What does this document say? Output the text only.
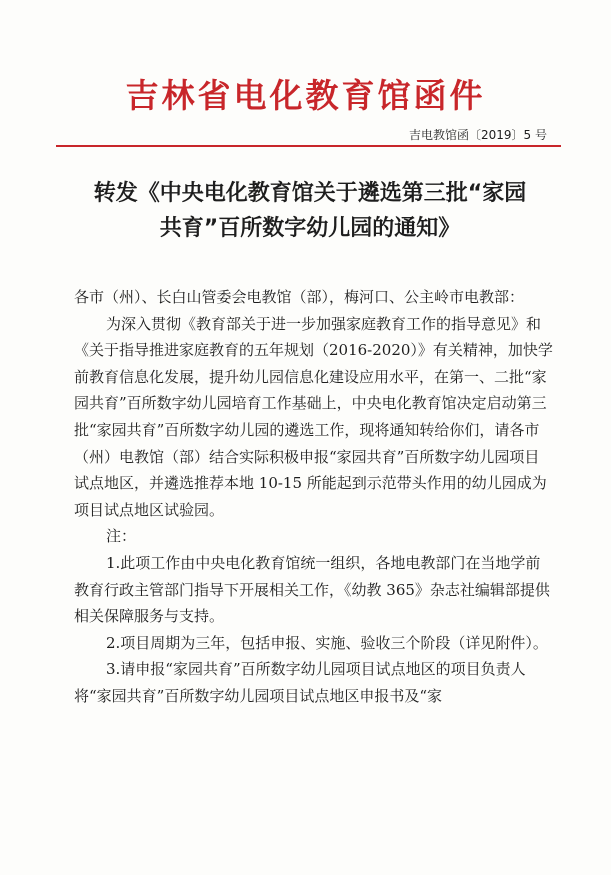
吉林省电化教育馆函件
吉电教馆函〔2019〕5 号
转发《中央电化教育馆关于遴选第三批“家园
共育”百所数字幼儿园的通知》

各市（州）、长白山管委会电教馆（部），梅河口、公主岭市电教部：

为深入贯彻《教育部关于进一步加强家庭教育工作的指导意见》和《关于指导推进家庭教育的五年规划（2016-2020）》有关精神，加快学前教育信息化发展，提升幼儿园信息化建设应用水平，在第一、二批“家园共育”百所数字幼儿园培育工作基础上，中央电化教育馆决定启动第三批“家园共育”百所数字幼儿园的遴选工作，现将通知转给你们，请各市（州）电教馆（部）结合实际积极申报“家园共育”百所数字幼儿园项目试点地区，并遴选推荐本地 10-15 所能起到示范带头作用的幼儿园成为项目试点地区试验园。

注：

1.此项工作由中央电化教育馆统一组织，各地电教部门在当地学前教育行政主管部门指导下开展相关工作，《幼教 365》杂志社编辑部提供相关保障服务与支持。

2.项目周期为三年，包括申报、实施、验收三个阶段（详见附件）。

3.请申报“家园共育”百所数字幼儿园项目试点地区的项目负责人将“家园共育”百所数字幼儿园项目试点地区申报书及“家
